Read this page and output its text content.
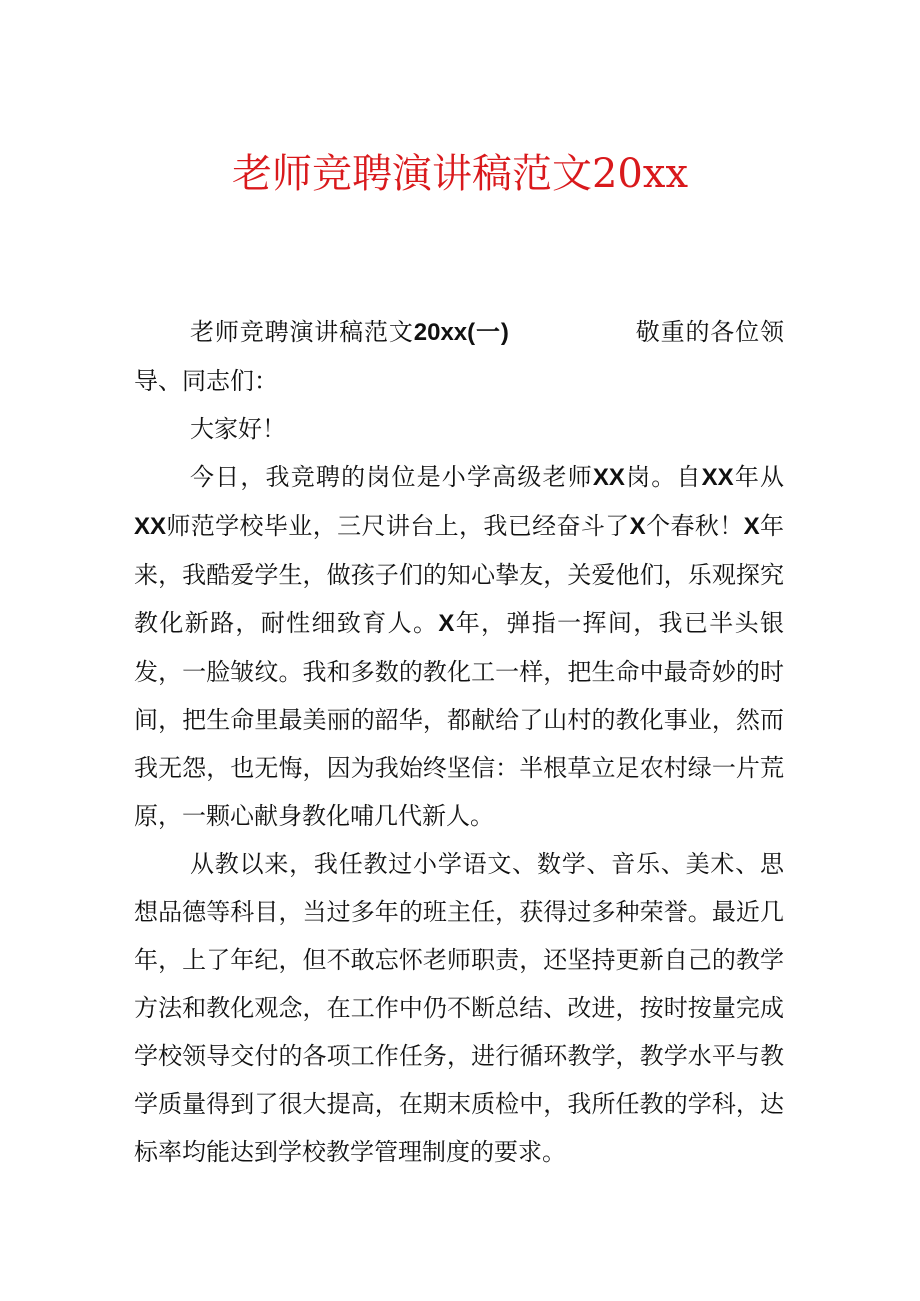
老师竞聘演讲稿范文20xx

老师竞聘演讲稿范文20xx(一)	敬重的各位领导、同志们：

大家好！

今日，我竞聘的岗位是小学高级老师XX岗。自XX年从XX师范学校毕业，三尺讲台上，我已经奋斗了X个春秋！X年来，我酷爱学生，做孩子们的知心挚友，关爱他们，乐观探究教化新路，耐性细致育人。X年，弹指一挥间，我已半头银发，一脸皱纹。我和多数的教化工一样，把生命中最奇妙的时间，把生命里最美丽的韶华，都献给了山村的教化事业，然而我无怨，也无悔，因为我始终坚信：半根草立足农村绿一片荒原，一颗心献身教化哺几代新人。

从教以来，我任教过小学语文、数学、音乐、美术、思想品德等科目，当过多年的班主任，获得过多种荣誉。最近几年，上了年纪，但不敢忘怀老师职责，还坚持更新自己的教学方法和教化观念，在工作中仍不断总结、改进，按时按量完成学校领导交付的各项工作任务，进行循环教学，教学水平与教学质量得到了很大提高，在期末质检中，我所任教的学科，达标率均能达到学校教学管理制度的要求。
